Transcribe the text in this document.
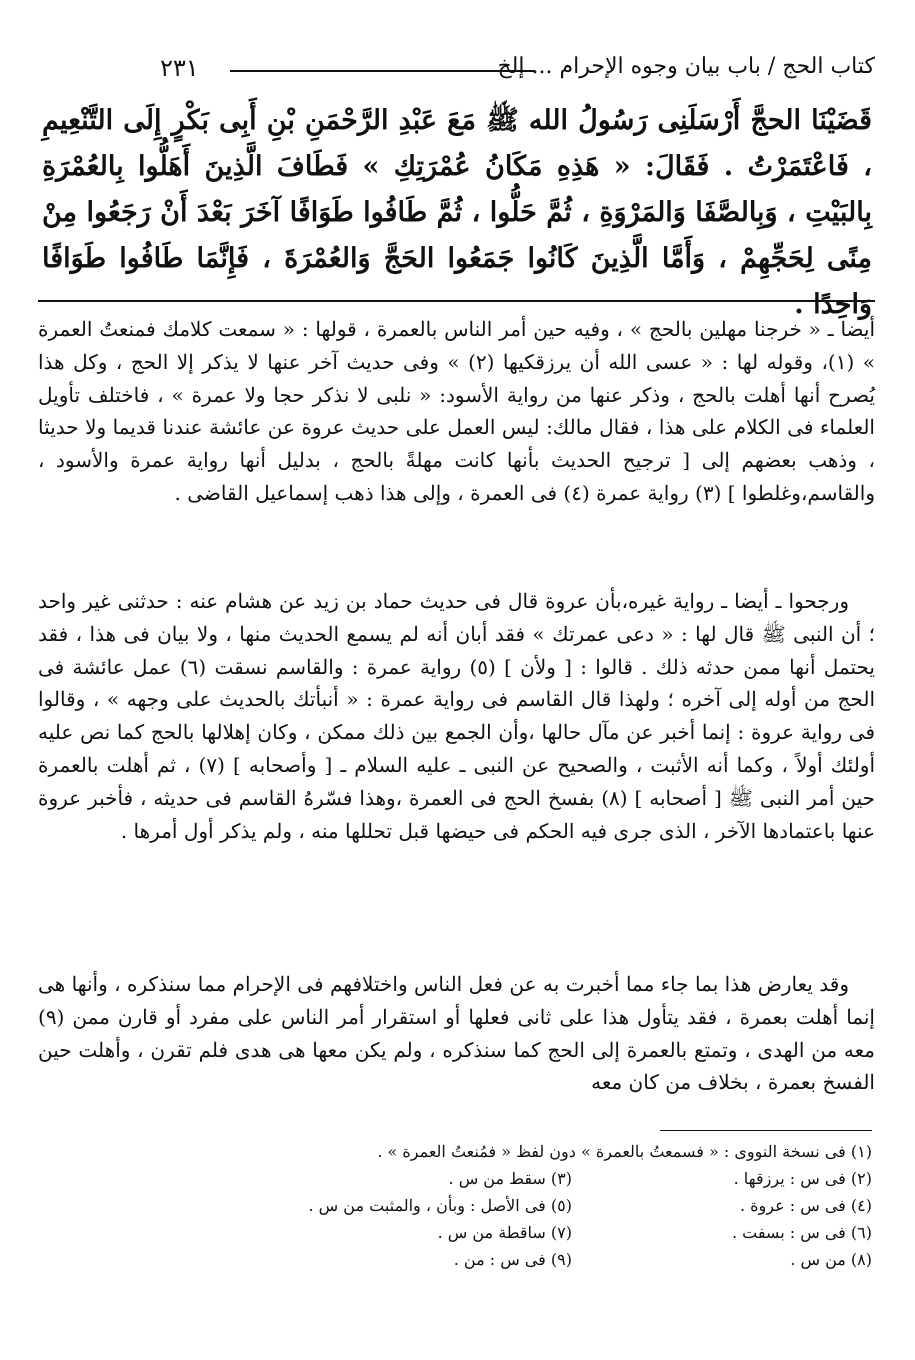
كتاب الحج / باب بيان وجوه الإحرام ... إلخ
٢٣١
قَضَيْنَا الحجَّ أَرْسَلَنِى رَسُولُ الله ﷺ مَعَ عَبْدِ الرَّحْمَنِ بْنِ أَبِى بَكْرٍ إِلَى التَّنْعِيمِ ، فَاعْتَمَرْتُ . فَقَالَ: « هَذِهِ مَكَانُ عُمْرَتِكِ » فَطَافَ الَّذِينَ أَهَلُّوا بِالعُمْرَةِ بِالبَيْتِ ، وَبِالصَّفَا وَالمَرْوَةِ ، ثُمَّ حَلُّوا ، ثُمَّ طَافُوا طَوَافًا آخَرَ بَعْدَ أَنْ رَجَعُوا مِنْ مِنًى لِحَجِّهِمْ ، وَأَمَّا الَّذِينَ كَانُوا جَمَعُوا الحَجَّ وَالعُمْرَةَ ، فَإِنَّمَا طَافُوا طَوَافًا وَاحِدًا .

أيضا ـ « خرجنا مهلين بالحج » ، وفيه حين أمر الناس بالعمرة ، قولها : « سمعت كلامك فمنعتُ العمرة » (١)، وقوله لها : « عسى الله أن يرزقكيها (٢) » وفى حديث آخر عنها لا يذكر إلا الحج ، وكل هذا يُصرح أنها أهلت بالحج ، وذكر عنها من رواية الأسود: « نلبى لا نذكر حجا ولا عمرة » ، فاختلف تأويل العلماء فى الكلام على هذا ، فقال مالك: ليس العمل على حديث عروة عن عائشة عندنا قديما ولا حديثا ، وذهب بعضهم إلى [ ترجيح الحديث بأنها كانت مهلةً بالحج ، بدليل أنها رواية عمرة والأسود ، والقاسم،وغلطوا ] (٣) رواية عمرة (٤) فى العمرة ، وإلى هذا ذهب إسماعيل القاضى .

ورجحوا ـ أيضا ـ رواية غيره،بأن عروة قال فى حديث حماد بن زيد عن هشام عنه : حدثنى غير واحد ؛ أن النبى ﷺ قال لها : « دعى عمرتك » فقد أبان أنه لم يسمع الحديث منها ، ولا بيان فى هذا ، فقد يحتمل أنها ممن حدثه ذلك . قالوا : [ ولأن ] (٥) رواية عمرة : والقاسم نسقت (٦) عمل عائشة فى الحج من أوله إلى آخره ؛ ولهذا قال القاسم فى رواية عمرة : « أنبأتك بالحديث على وجهه » ، وقالوا فى رواية عروة : إنما أخبر عن مآل حالها ،وأن الجمع بين ذلك ممكن ، وكان إهلالها بالحج كما نص عليه أولئك أولاً ، وكما أنه الأثبت ، والصحيح عن النبى ـ عليه السلام ـ [ وأصحابه ] (٧) ، ثم أهلت بالعمرة حين أمر النبى ﷺ [ أصحابه ] (٨) بفسخ الحج فى العمرة ،وهذا فسّرهُ القاسم فى حديثه ، فأخبر عروة عنها باعتمادها الآخر ، الذى جرى فيه الحكم فى حيضها قبل تحللها منه ، ولم يذكر أول أمرها .

وقد يعارض هذا بما جاء مما أخبرت به عن فعل الناس واختلافهم فى الإحرام مما سنذكره ، وأنها هى إنما أهلت بعمرة ، فقد يتأول هذا على ثانى فعلها أو استقرار أمر الناس على مفرد أو قارن ممن (٩) معه من الهدى ، وتمتع بالعمرة إلى الحج كما سنذكره ، ولم يكن معها هى هدى فلم تقرن ، وأهلت حين الفسخ بعمرة ، بخلاف من كان معه

(١) فى نسخة النووى : « فسمعتُ بالعمرة » دون لفظ « فمُنعتُ العمرة » .
(٢) فى س : يرزقها .
(٣) سقط من س .
(٤) فى س : عروة .
(٥) فى الأصل : وبأن ، والمثبت من س .
(٦) فى س : بسفت .
(٧) ساقطة من س .
(٨) من س .
(٩) فى س : من .
